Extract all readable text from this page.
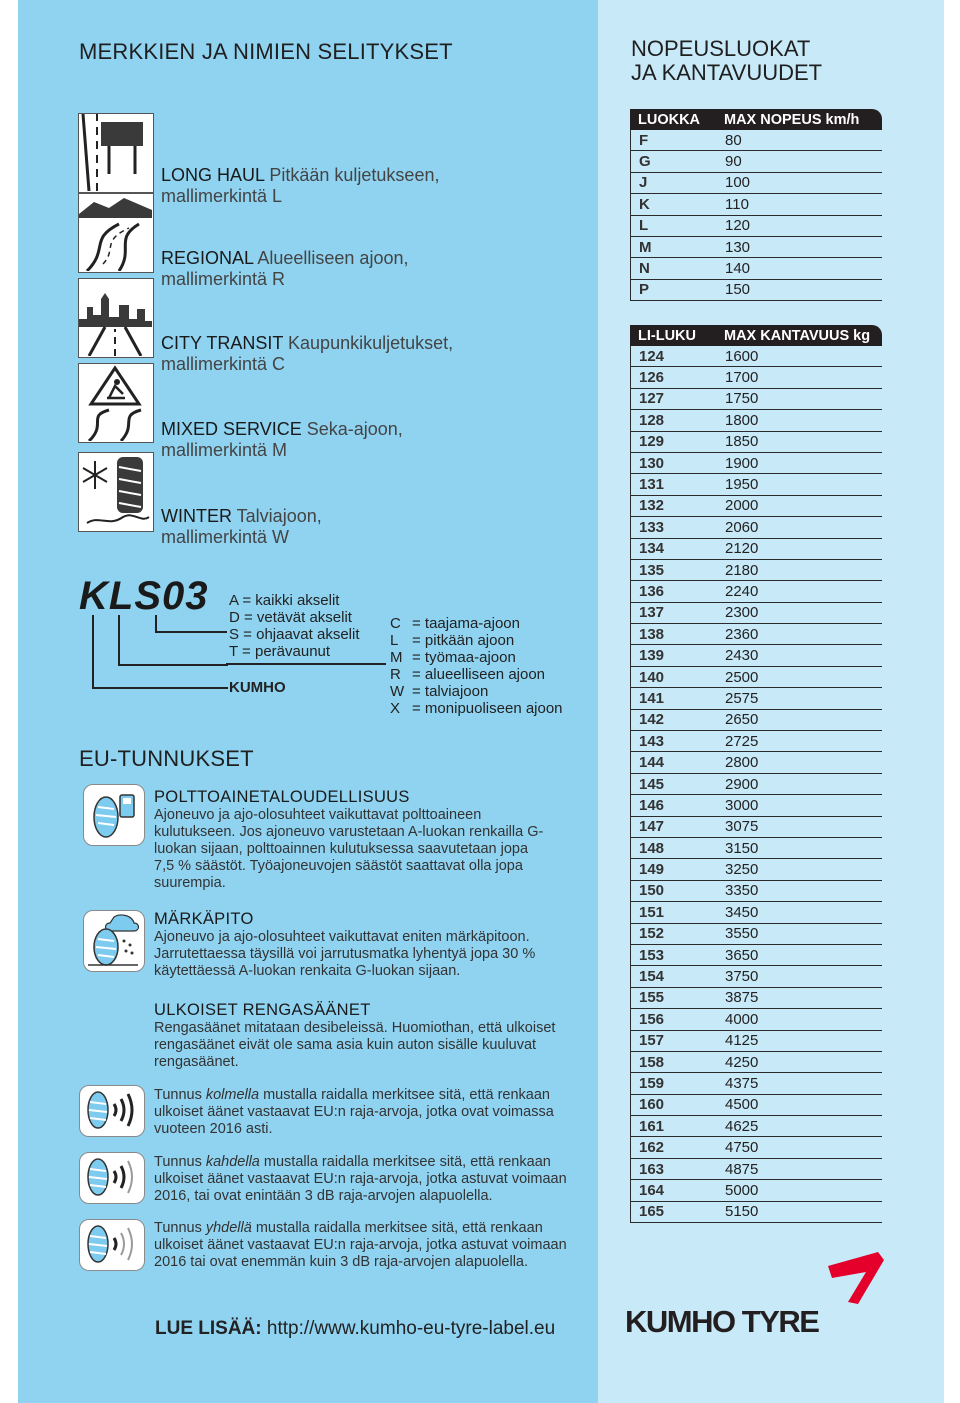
MERKKIEN JA NIMIEN SELITYKSET
LONG HAUL Pitkään kuljetukseen,
mallimerkintä L
REGIONAL Alueelliseen ajoon,
mallimerkintä R
CITY TRANSIT Kaupunkikuljetukset,
mallimerkintä C
MIXED SERVICE Seka-ajoon,
mallimerkintä M
WINTER Talviajoon,
mallimerkintä W
KLS03 A = kaikki akselit
D = vetävät akselit
S = ohjaavat akselit
T = perävaunut
KUMHO
C = taajama-ajoon
L = pitkään ajoon
M = työmaa-ajoon
R = alueelliseen ajoon
W = talviajoon
X = monipuoliseen ajoon
EU-TUNNUKSET
POLTTOAINETALOUDELLISUUS
Ajoneuvo ja ajo-olosuhteet vaikuttavat polttoaineen
kulutukseen. Jos ajoneuvo varustetaan A-luokan renkailla G-
luokan sijaan, polttoainnen kulutuksessa saavutetaan jopa
7,5 % säästöt. Työajoneuvojen säästöt saattavat olla jopa
suurempia.
MÄRKÄPITO
Ajoneuvo ja ajo-olosuhteet vaikuttavat eniten märkäpitoon.
Jarrutettaessa täysillä voi jarrutusmatka lyhentyä jopa 30 %
käytettäessä A-luokan renkaita G-luokan sijaan.
ULKOISET RENGASÄÄNET
Rengasäänet mitataan desibeleissä. Huomiothan, että ulkoiset
rengasäänet eivät ole sama asia kuin auton sisälle kuuluvat
rengasäänet.
Tunnus kolmella mustalla raidalla merkitsee sitä, että renkaan
ulkoiset äänet vastaavat EU:n raja-arvoja, jotka ovat voimassa
vuoteen 2016 asti.
Tunnus kahdella mustalla raidalla merkitsee sitä, että renkaan
ulkoiset äänet vastaavat EU:n raja-arvoja, jotka astuvat voimaan
2016, tai ovat enintään 3 dB raja-arvojen alapuolella.
Tunnus yhdellä mustalla raidalla merkitsee sitä, että renkaan
ulkoiset äänet vastaavat EU:n raja-arvoja, jotka astuvat voimaan
2016 tai ovat enemmän kuin 3 dB raja-arvojen alapuolella.
LUE LISÄÄ: http://www.kumho-eu-tyre-label.eu
NOPEUSLUOKAT
JA KANTAVUUDET
LUOKKA	MAX NOPEUS km/h
F	80
G	90
J	100
K	110
L	120
M	130
N	140
P	150
LI-LUKU	MAX KANTAVUUS kg
124	1600
126	1700
127	1750
128	1800
129	1850
130	1900
131	1950
132	2000
133	2060
134	2120
135	2180
136	2240
137	2300
138	2360
139	2430
140	2500
141	2575
142	2650
143	2725
144	2800
145	2900
146	3000
147	3075
148	3150
149	3250
150	3350
151	3450
152	3550
153	3650
154	3750
155	3875
156	4000
157	4125
158	4250
159	4375
160	4500
161	4625
162	4750
163	4875
164	5000
165	5150
KUMHO TYRE
